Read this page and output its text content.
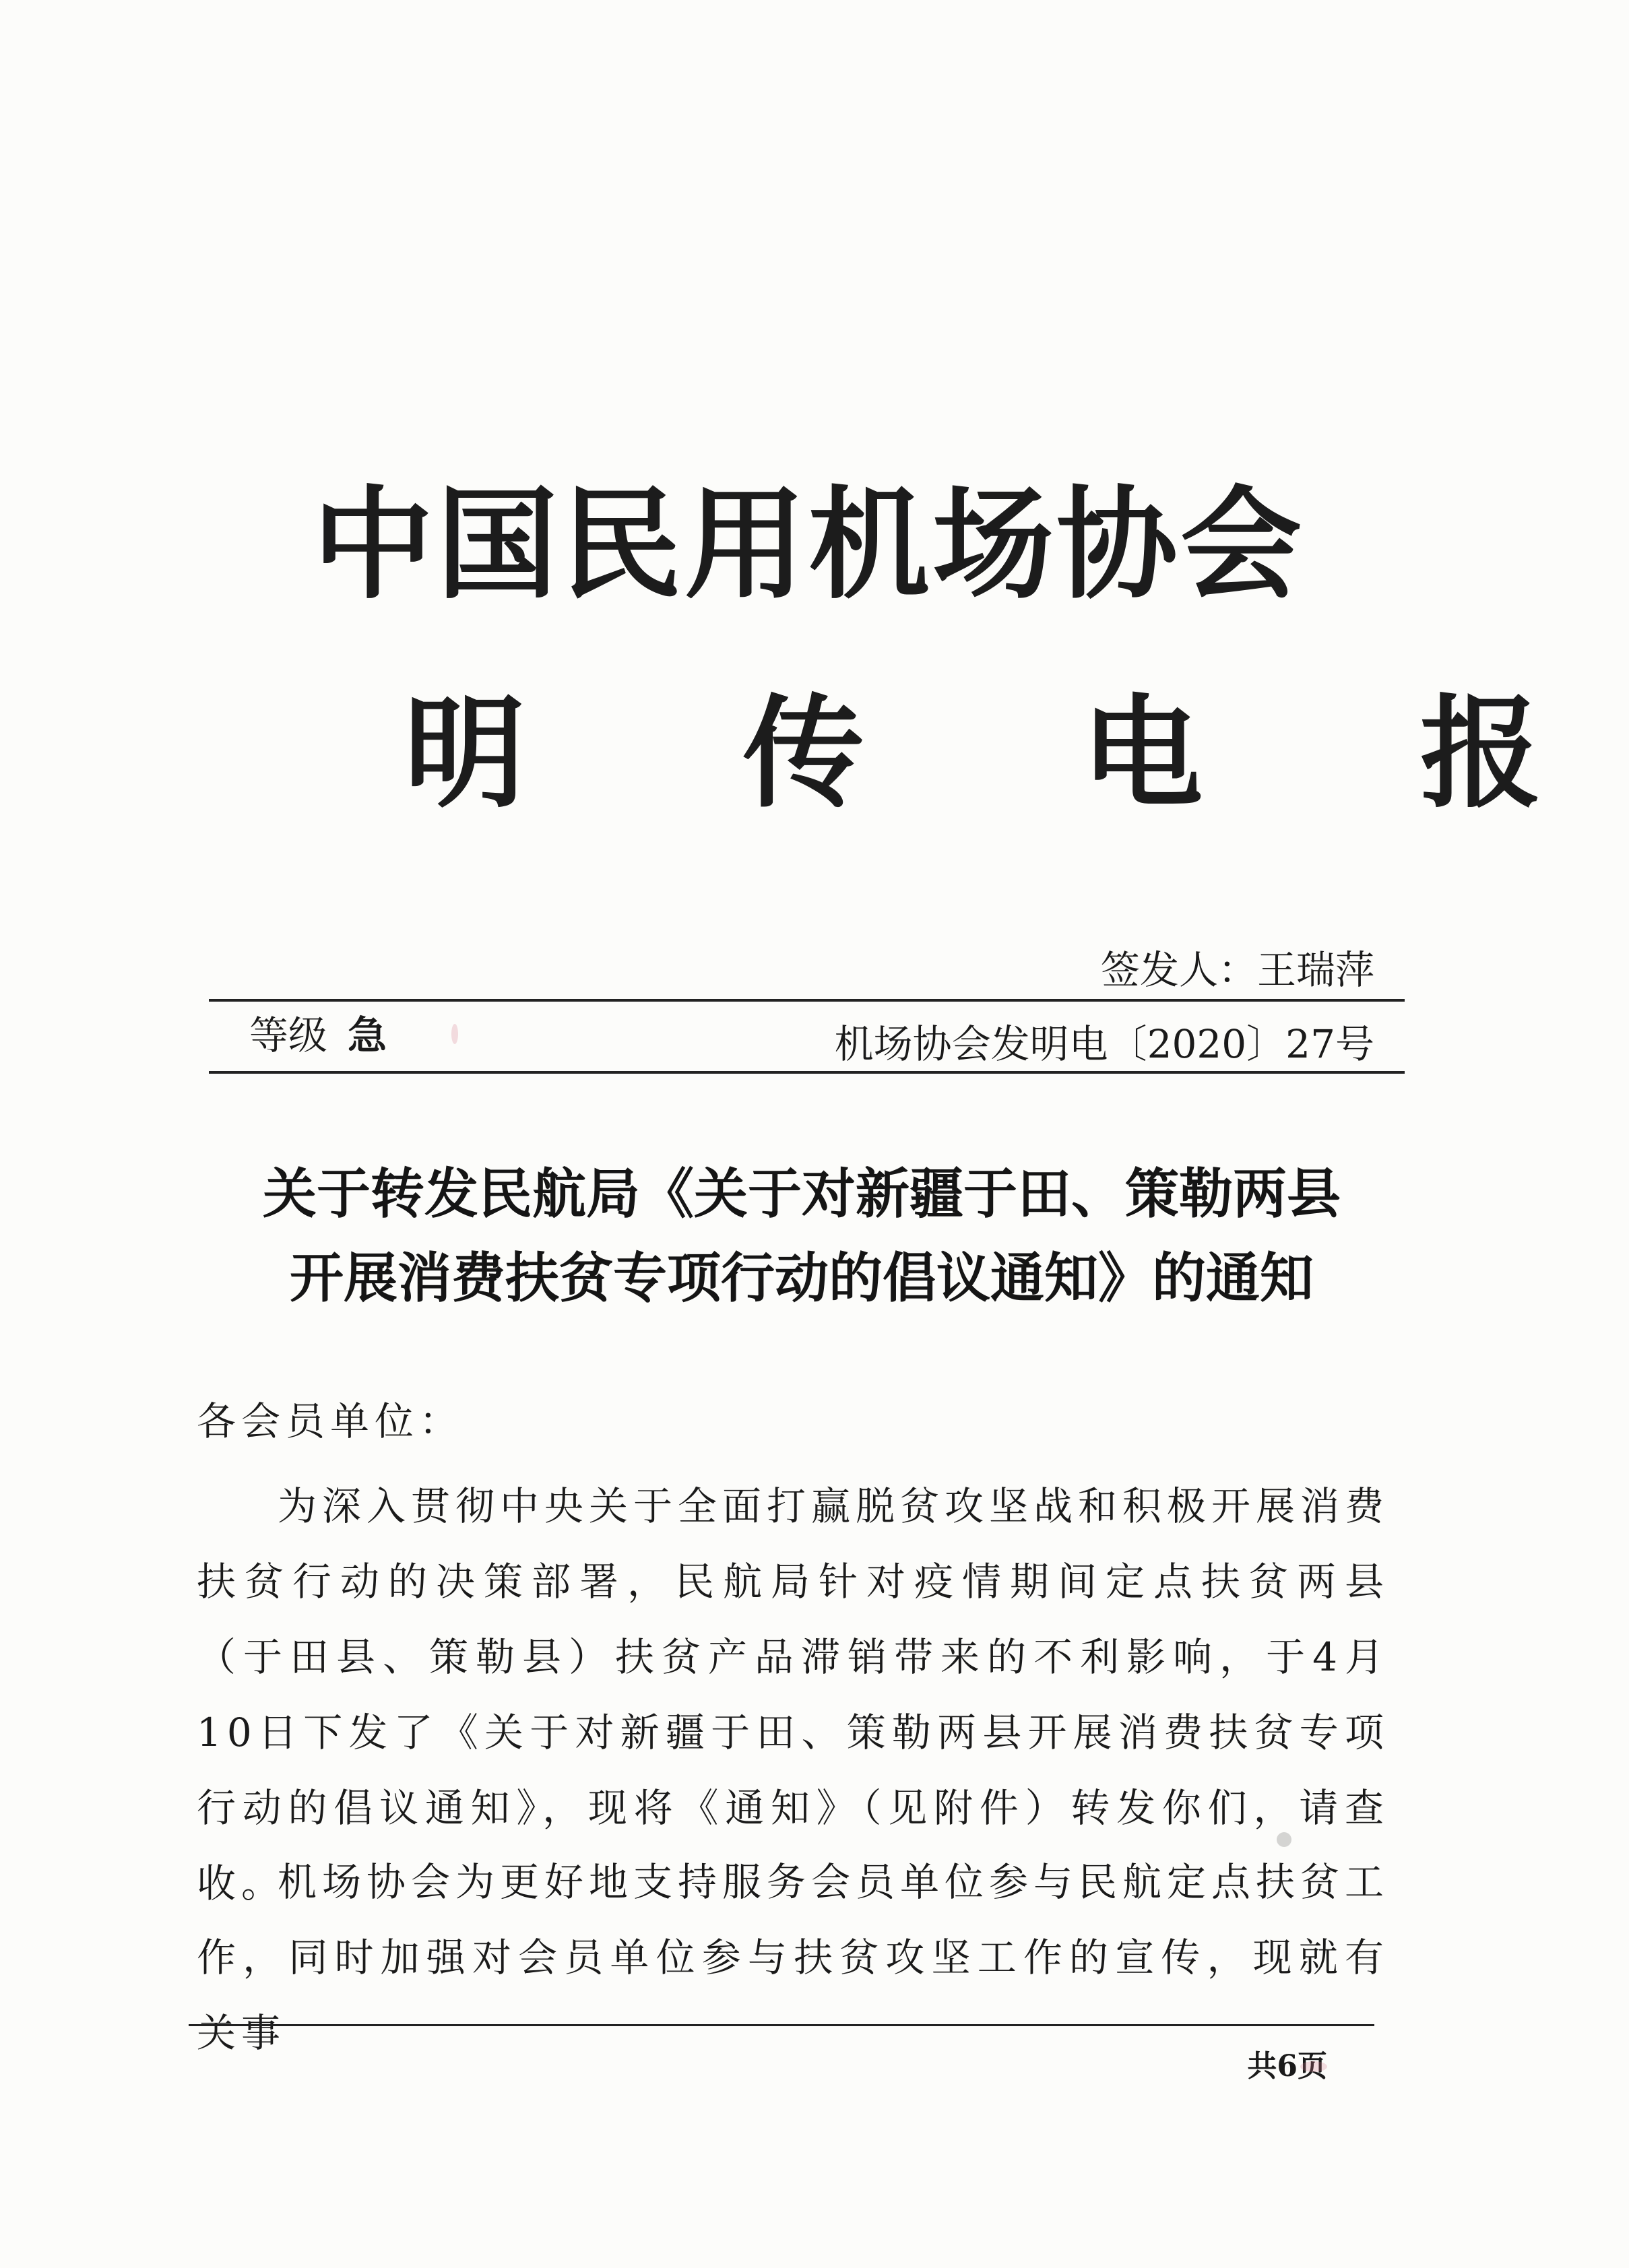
中国民用机场协会
明 传 电 报
签发人：王瑞萍
等级 急	机场协会发明电〔2020〕27号
关于转发民航局《关于对新疆于田、策勒两县
开展消费扶贫专项行动的倡议通知》的通知
各会员单位：
为深入贯彻中央关于全面打赢脱贫攻坚战和积极开展消费扶贫行动的决策部署，民航局针对疫情期间定点扶贫两县（于田县、策勒县）扶贫产品滞销带来的不利影响，于4月10日下发了《关于对新疆于田、策勒两县开展消费扶贫专项行动的倡议通知》，现将《通知》（见附件）转发你们，请查收。
机场协会为更好地支持服务会员单位参与民航定点扶贫工作，同时加强对会员单位参与扶贫攻坚工作的宣传，现就有关事
共6页
